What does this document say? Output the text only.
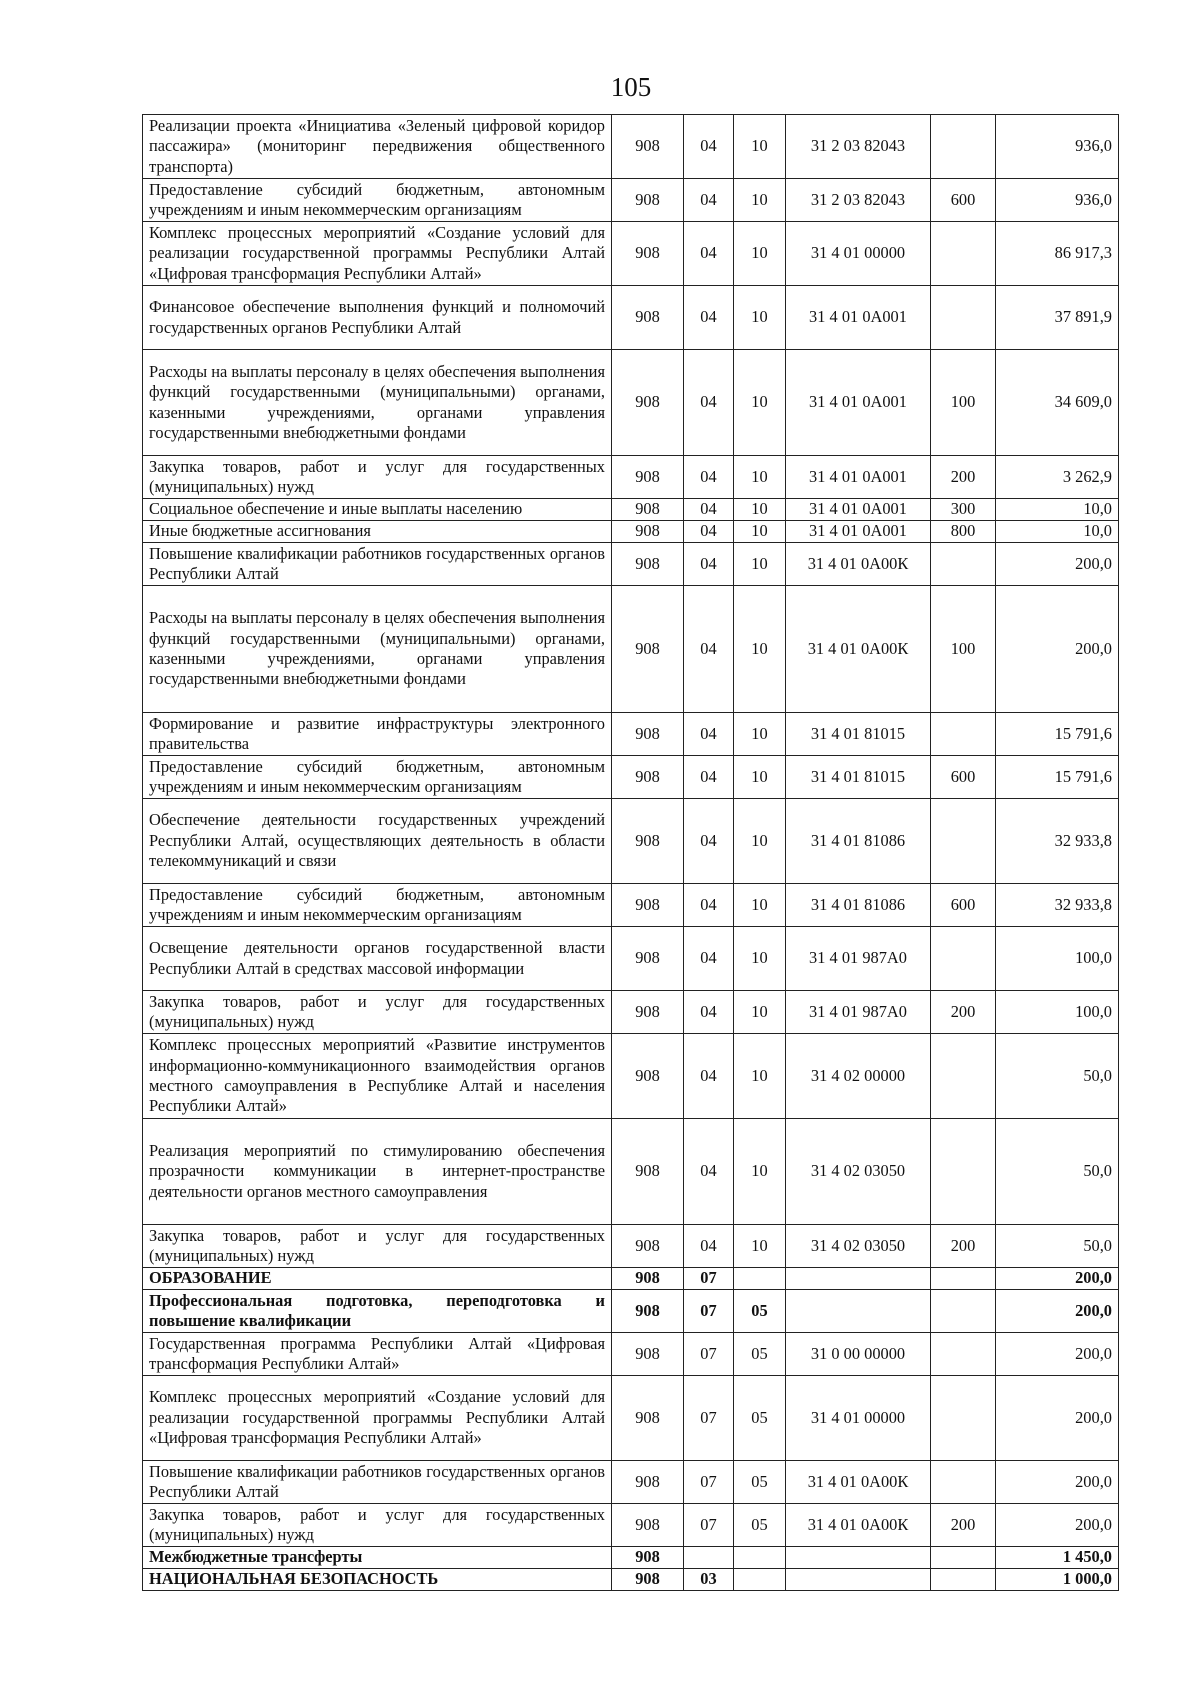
105
Реализации проекта «Инициатива «Зеленый цифровой коридор пассажира» (мониторинг передвижения общественного транспорта)	908	04	10	31 2 03 82043		936,0
Предоставление субсидий бюджетным, автономным учреждениям и иным некоммерческим организациям	908	04	10	31 2 03 82043	600	936,0
Комплекс процессных мероприятий «Создание условий для реализации государственной программы Республики Алтай «Цифровая трансформация Республики Алтай»	908	04	10	31 4 01 00000		86 917,3
Финансовое обеспечение выполнения функций и полномочий государственных органов Республики Алтай	908	04	10	31 4 01 0А001		37 891,9
Расходы на выплаты персоналу в целях обеспечения выполнения функций государственными (муниципальными) органами, казенными учреждениями, органами управления государственными внебюджетными фондами	908	04	10	31 4 01 0А001	100	34 609,0
Закупка товаров, работ и услуг для государственных (муниципальных) нужд	908	04	10	31 4 01 0А001	200	3 262,9
Социальное обеспечение и иные выплаты населению	908	04	10	31 4 01 0А001	300	10,0
Иные бюджетные ассигнования	908	04	10	31 4 01 0А001	800	10,0
Повышение квалификации работников государственных органов Республики Алтай	908	04	10	31 4 01 0А00К		200,0
Расходы на выплаты персоналу в целях обеспечения выполнения функций государственными (муниципальными) органами, казенными учреждениями, органами управления государственными внебюджетными фондами	908	04	10	31 4 01 0А00К	100	200,0
Формирование и развитие инфраструктуры электронного правительства	908	04	10	31 4 01 81015		15 791,6
Предоставление субсидий бюджетным, автономным учреждениям и иным некоммерческим организациям	908	04	10	31 4 01 81015	600	15 791,6
Обеспечение деятельности государственных учреждений Республики Алтай, осуществляющих деятельность в области телекоммуникаций и связи	908	04	10	31 4 01 81086		32 933,8
Предоставление субсидий бюджетным, автономным учреждениям и иным некоммерческим организациям	908	04	10	31 4 01 81086	600	32 933,8
Освещение деятельности органов государственной власти Республики Алтай в средствах массовой информации	908	04	10	31 4 01 987А0		100,0
Закупка товаров, работ и услуг для государственных (муниципальных) нужд	908	04	10	31 4 01 987А0	200	100,0
Комплекс процессных мероприятий «Развитие инструментов информационно-коммуникационного взаимодействия органов местного самоуправления в Республике Алтай и населения Республики Алтай»	908	04	10	31 4 02 00000		50,0
Реализация мероприятий по стимулированию обеспечения прозрачности коммуникации в интернет-пространстве деятельности органов местного самоуправления	908	04	10	31 4 02 03050		50,0
Закупка товаров, работ и услуг для государственных (муниципальных) нужд	908	04	10	31 4 02 03050	200	50,0
ОБРАЗОВАНИЕ	908	07				200,0
Профессиональная подготовка, переподготовка и повышение квалификации	908	07	05			200,0
Государственная программа Республики Алтай «Цифровая трансформация Республики Алтай»	908	07	05	31 0 00 00000		200,0
Комплекс процессных мероприятий «Создание условий для реализации государственной программы Республики Алтай «Цифровая трансформация Республики Алтай»	908	07	05	31 4 01 00000		200,0
Повышение квалификации работников государственных органов Республики Алтай	908	07	05	31 4 01 0А00К		200,0
Закупка товаров, работ и услуг для государственных (муниципальных) нужд	908	07	05	31 4 01 0А00К	200	200,0
Межбюджетные трансферты	908					1 450,0
НАЦИОНАЛЬНАЯ БЕЗОПАСНОСТЬ	908	03				1 000,0
